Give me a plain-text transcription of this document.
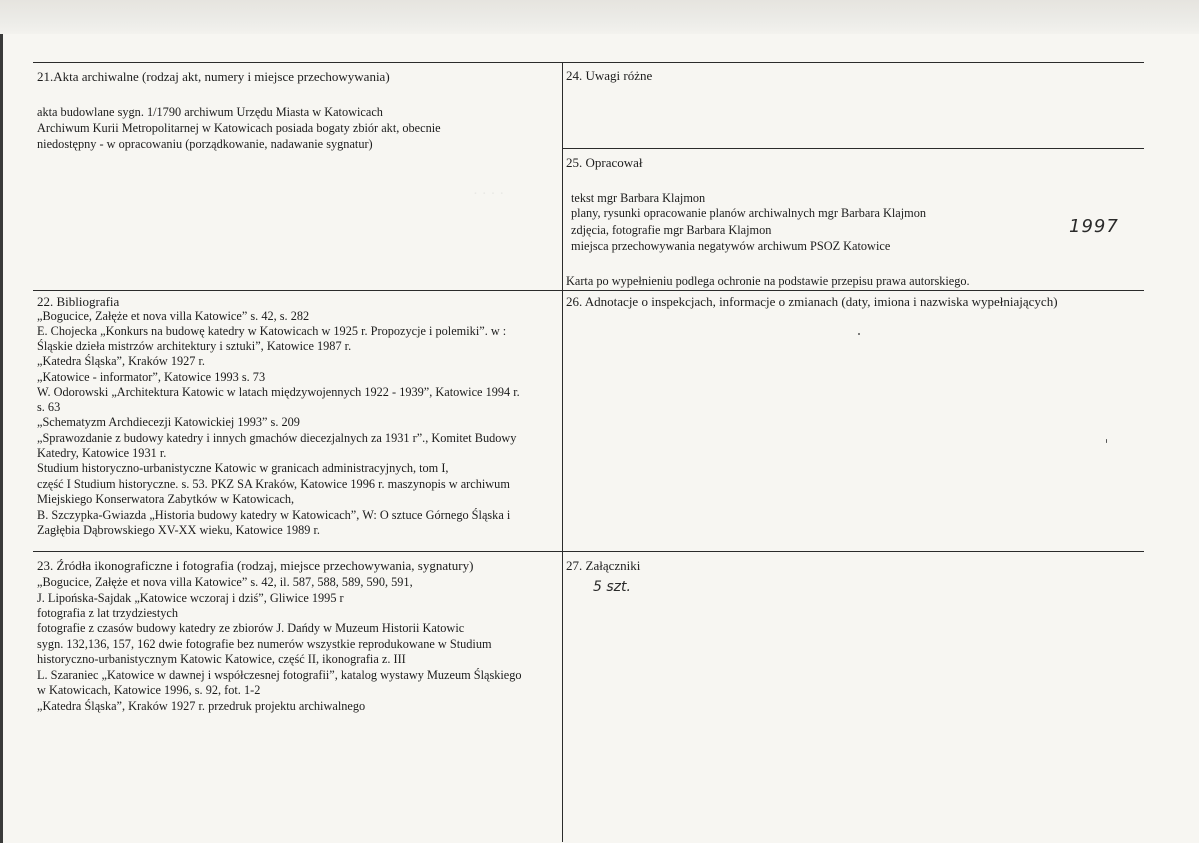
· · · ·
21.Akta archiwalne (rodzaj akt, numery i miejsce przechowywania)
akta budowlane sygn. 1/1790 archiwum Urzędu Miasta w Katowicach
Archiwum Kurii Metropolitarnej w Katowicach posiada bogaty zbiór akt, obecnie
niedostępny - w opracowaniu (porządkowanie, nadawanie sygnatur)
24. Uwagi różne
25. Opracował
tekst mgr Barbara Klajmon
plany, rysunki opracowanie planów archiwalnych mgr Barbara Klajmon
zdjęcia, fotografie mgr Barbara Klajmon
miejsca przechowywania negatywów archiwum PSOZ Katowice
1997
Karta po wypełnieniu podlega ochronie na podstawie przepisu prawa autorskiego.
22. Bibliografia
„Bogucice, Załęże et nova villa Katowice” s. 42, s. 282
E. Chojecka „Konkurs na budowę katedry w Katowicach w 1925 r. Propozycje i polemiki”. w :
Śląskie dzieła mistrzów architektury i sztuki”, Katowice 1987 r.
„Katedra Śląska”, Kraków 1927 r.
„Katowice - informator”, Katowice 1993 s. 73
W. Odorowski „Architektura Katowic w latach międzywojennych 1922 - 1939”, Katowice 1994 r.
s. 63
„Schematyzm Archdiecezji Katowickiej 1993” s. 209
„Sprawozdanie z budowy katedry i innych gmachów diecezjalnych za 1931 r”., Komitet Budowy
Katedry, Katowice 1931 r.
Studium historyczno-urbanistyczne Katowic w granicach administracyjnych, tom I,
część I Studium historyczne. s. 53. PKZ SA Kraków, Katowice 1996 r. maszynopis w archiwum
Miejskiego Konserwatora Zabytków w Katowicach,
B. Szczypka-Gwiazda „Historia budowy katedry w Katowicach”, W: O sztuce Górnego Śląska i
Zagłębia Dąbrowskiego XV-XX wieku, Katowice 1989 r.
26. Adnotacje o inspekcjach, informacje o zmianach (daty, imiona i nazwiska wypełniających)
23. Źródła ikonograficzne i fotografia (rodzaj, miejsce przechowywania, sygnatury)
„Bogucice, Załęże et nova villa Katowice” s. 42, il. 587, 588, 589, 590, 591,
J. Lipońska-Sajdak „Katowice wczoraj i dziś”, Gliwice 1995 r
fotografia z lat trzydziestych
fotografie z czasów budowy katedry ze zbiorów J. Dańdy w Muzeum Historii Katowic
sygn. 132,136, 157, 162 dwie fotografie bez numerów wszystkie reprodukowane w Studium
historyczno-urbanistycznym Katowic Katowice, część II, ikonografia z. III
L. Szaraniec „Katowice w dawnej i współczesnej fotografii”, katalog wystawy Muzeum Śląskiego
w Katowicach, Katowice 1996, s. 92, fot. 1-2
„Katedra Śląska”, Kraków 1927 r. przedruk projektu archiwalnego
27. Załączniki
5 szt.
